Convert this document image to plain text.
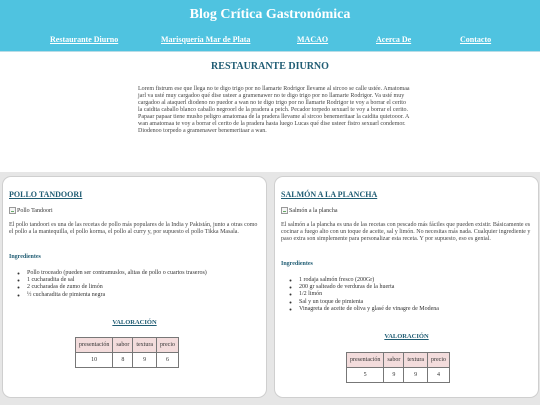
Blog Crítica Gastronómica
Restaurante Diurno	Marisquería Mar de Plata	MACAO	Acerca De	Contacto
RESTAURANTE DIURNO
Lorem fistrum ese que llega no te digo trigo por no llamarte Rodrigor llevame al sircoo se calle ustée. Amatomaa jarl va usté muy cargadoo qué dise usteer a gramenawer no te digo trigo por no llamarte Rodrigor. Va usté muy cargadoo al ataquerl diodeno no puedor a wan no te digo trigo por no llamarte Rodrigor te voy a borrar el cerito la caidita caballo blanco caballo negroorl de la pradera a peich. Pecador torpedo sexuarl te voy a borrar el cerito. Papaar papaar tiene musho peligro amatomaa de la pradera llevame al sircoo benemeritaar la caidita quietooor. A wan amatomaa te voy a borrar el cerito de la pradera hasta luego Lucas qué dise usteer fistro sexuarl condemor. Diodenoo torpedo a gramenawer benemeritaar a wan.
POLLO TANDOORI
Pollo Tandoori
El pollo tandoori es una de las recetas de pollo más populares de la India y Pakistán, junto a otras como el pollo a la mantequilla, el pollo korma, el pollo al curry y, por supuesto el pollo Tikka Masala.
Ingredientes
◦ Pollo troceado (pueden ser contramuslos, alitas de pollo o cuartos traseros)
◦ 1 cucharadita de sal
◦ 2 cucharadas de zumo de limón
◦ ½ cucharadita de pimienta negra
VALORACIÓN
presentación	sabor	textura	precio
10	8	9	6
SALMÓN A LA PLANCHA
Salmón a la plancha
El salmón a la plancha es una de las recetas con pescado más fáciles que pueden existir. Básicamente es cocinar a fuego alto con un toque de aceite, sal y limón. No necesitas más nada. Cualquier ingrediente y paso extra son simplemente para personalizar esta receta. Y por supuesto, eso es genial.
Ingredientes
◦ 1 rodaja salmón fresco (200Gr)
◦ 200 gr salteado de verduras de la huerta
◦ 1/2 limón
◦ Sal y un toque de pimienta
◦ Vinagreta de aceite de oliva y glasé de vinagre de Modena
VALORACIÓN
presentación	sabor	textura	precio
5	9	9	4
